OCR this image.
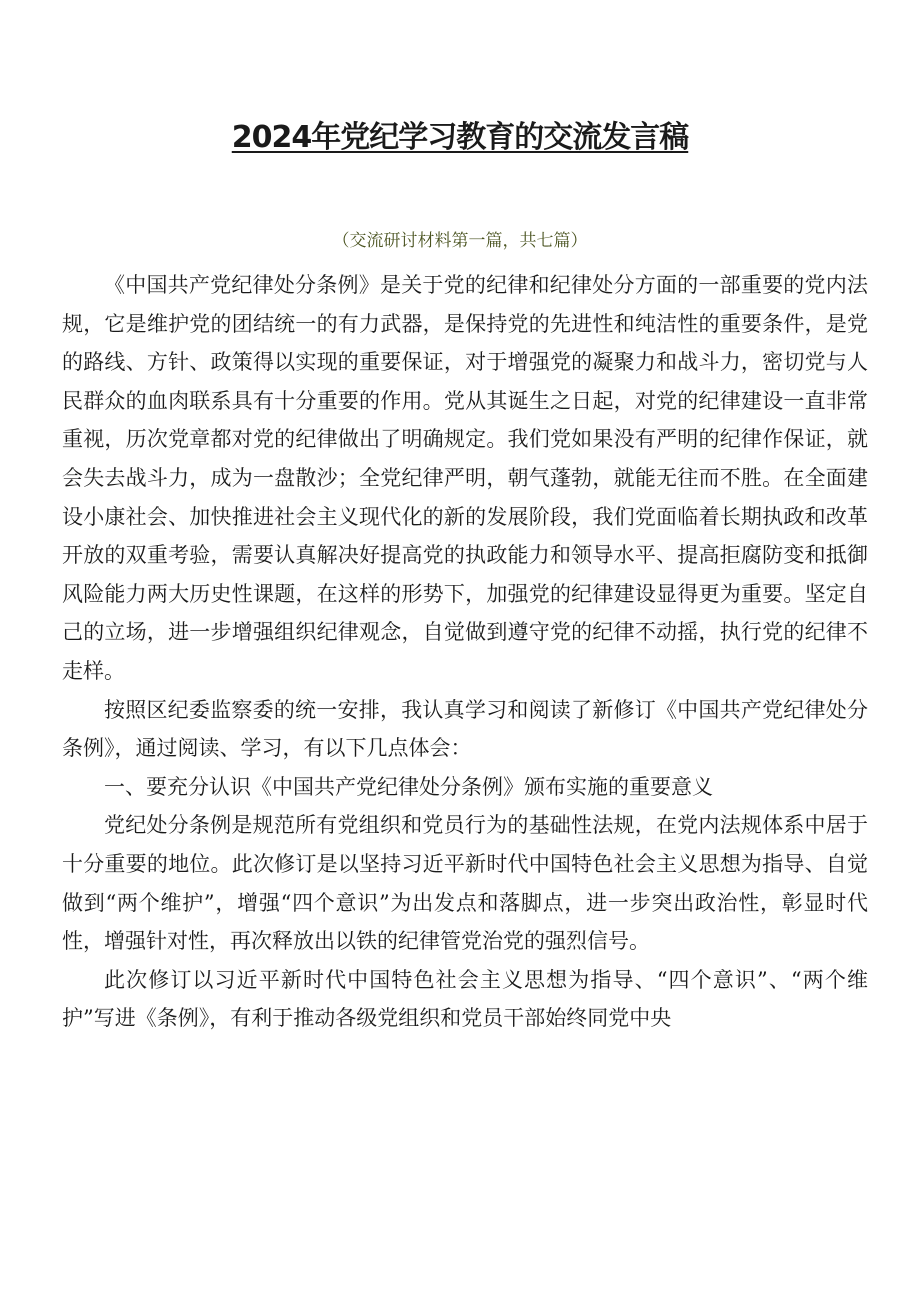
2024年党纪学习教育的交流发言稿
（交流研讨材料第一篇，共七篇）

《中国共产党纪律处分条例》是关于党的纪律和纪律处分方面的一部重要的党内法规，它是维护党的团结统一的有力武器，是保持党的先进性和纯洁性的重要条件，是党的路线、方针、政策得以实现的重要保证，对于增强党的凝聚力和战斗力，密切党与人民群众的血肉联系具有十分重要的作用。党从其诞生之日起，对党的纪律建设一直非常重视，历次党章都对党的纪律做出了明确规定。我们党如果没有严明的纪律作保证，就会失去战斗力，成为一盘散沙；全党纪律严明，朝气蓬勃，就能无往而不胜。在全面建设小康社会、加快推进社会主义现代化的新的发展阶段，我们党面临着长期执政和改革开放的双重考验，需要认真解决好提高党的执政能力和领导水平、提高拒腐防变和抵御风险能力两大历史性课题，在这样的形势下，加强党的纪律建设显得更为重要。坚定自己的立场，进一步增强组织纪律观念，自觉做到遵守党的纪律不动摇，执行党的纪律不走样。

按照区纪委监察委的统一安排，我认真学习和阅读了新修订《中国共产党纪律处分条例》，通过阅读、学习，有以下几点体会：

一、要充分认识《中国共产党纪律处分条例》颁布实施的重要意义

党纪处分条例是规范所有党组织和党员行为的基础性法规，在党内法规体系中居于十分重要的地位。此次修订是以坚持习近平新时代中国特色社会主义思想为指导、自觉做到“两个维护”，增强“四个意识”为出发点和落脚点，进一步突出政治性，彰显时代性，增强针对性，再次释放出以铁的纪律管党治党的强烈信号。

此次修订以习近平新时代中国特色社会主义思想为指导、“四个意识”、“两个维护”写进《条例》，有利于推动各级党组织和党员干部始终同党中央
